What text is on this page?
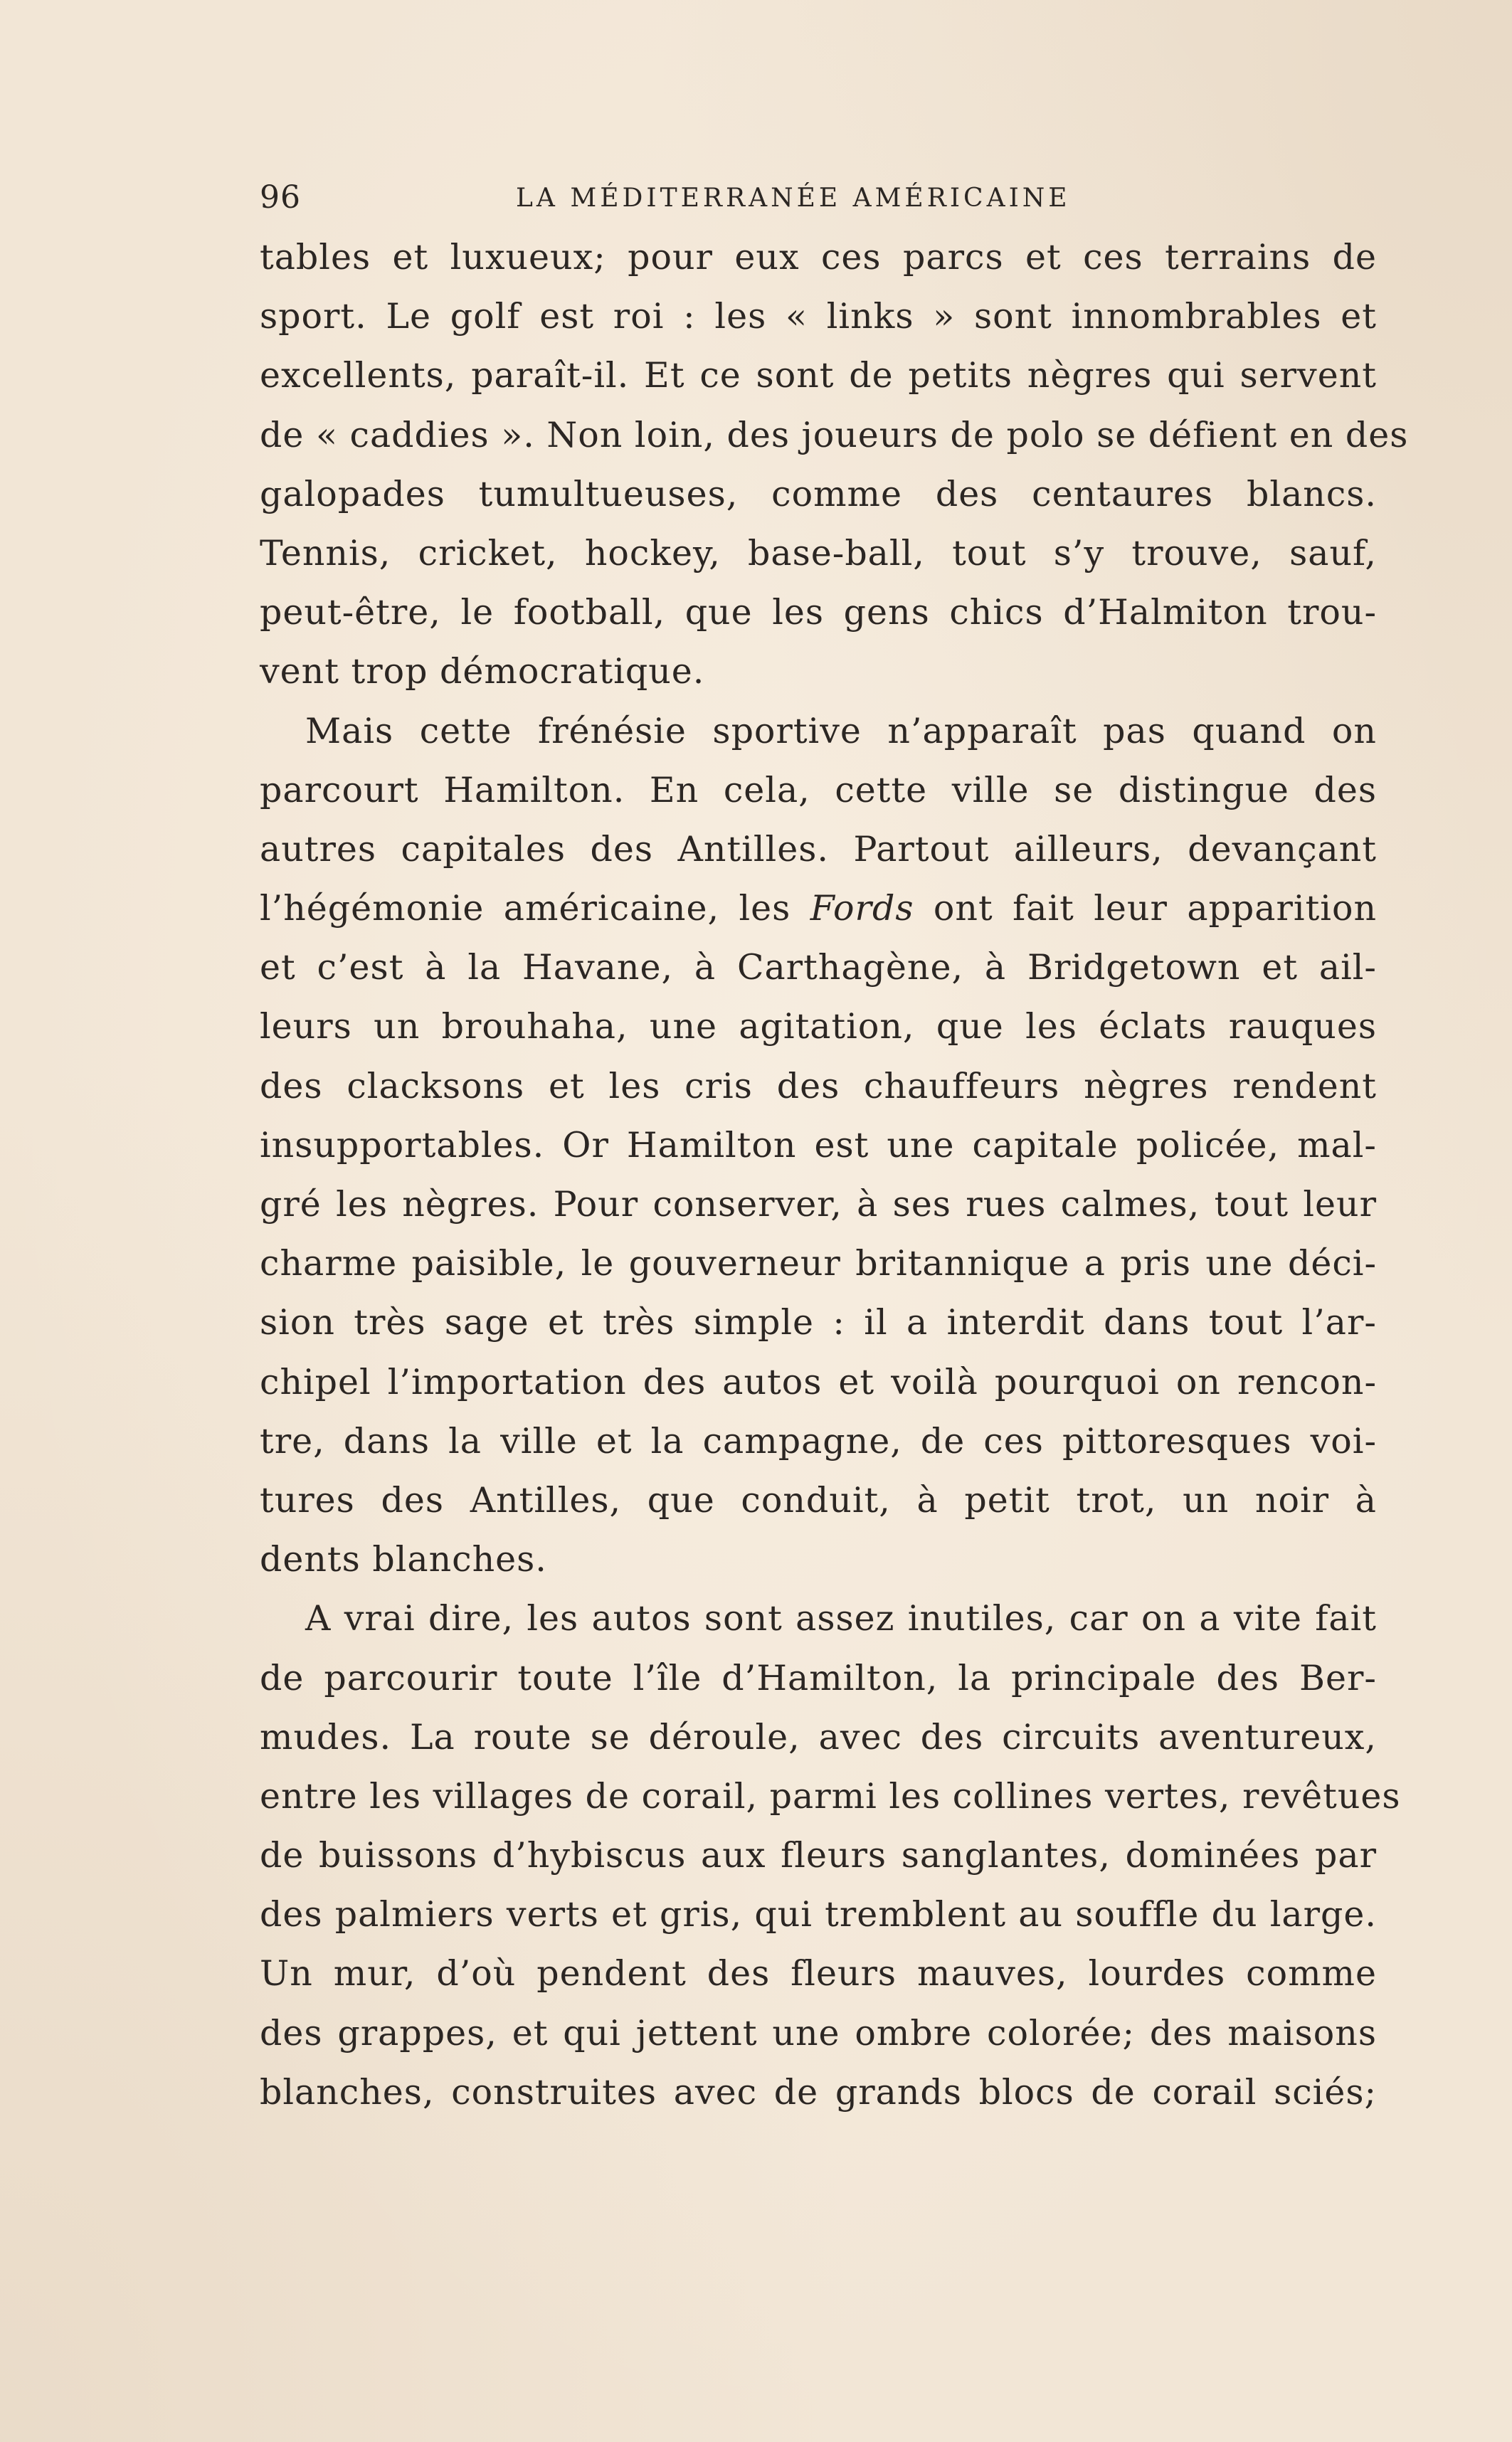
96	LA MÉDITERRANÉE AMÉRICAINE
tables et luxueux; pour eux ces parcs et ces terrains de
sport. Le golf est roi : les « links » sont innombrables et
excellents, paraît-il. Et ce sont de petits nègres qui servent
de « caddies ». Non loin, des joueurs de polo se défient en des
galopades tumultueuses, comme des centaures blancs.
Tennis, cricket, hockey, base-ball, tout s’y trouve, sauf,
peut-être, le football, que les gens chics d’Halmiton trou-
vent trop démocratique.
Mais cette frénésie sportive n’apparaît pas quand on
parcourt Hamilton. En cela, cette ville se distingue des
autres capitales des Antilles. Partout ailleurs, devançant
l’hégémonie américaine, les Fords ont fait leur apparition
et c’est à la Havane, à Carthagène, à Bridgetown et ail-
leurs un brouhaha, une agitation, que les éclats rauques
des clacksons et les cris des chauffeurs nègres rendent
insupportables. Or Hamilton est une capitale policée, mal-
gré les nègres. Pour conserver, à ses rues calmes, tout leur
charme paisible, le gouverneur britannique a pris une déci-
sion très sage et très simple : il a interdit dans tout l’ar-
chipel l’importation des autos et voilà pourquoi on rencon-
tre, dans la ville et la campagne, de ces pittoresques voi-
tures des Antilles, que conduit, à petit trot, un noir à
dents blanches.
A vrai dire, les autos sont assez inutiles, car on a vite fait
de parcourir toute l’île d’Hamilton, la principale des Ber-
mudes. La route se déroule, avec des circuits aventureux,
entre les villages de corail, parmi les collines vertes, revêtues
de buissons d’hybiscus aux fleurs sanglantes, dominées par
des palmiers verts et gris, qui tremblent au souffle du large.
Un mur, d’où pendent des fleurs mauves, lourdes comme
des grappes, et qui jettent une ombre colorée; des maisons
blanches, construites avec de grands blocs de corail sciés;
